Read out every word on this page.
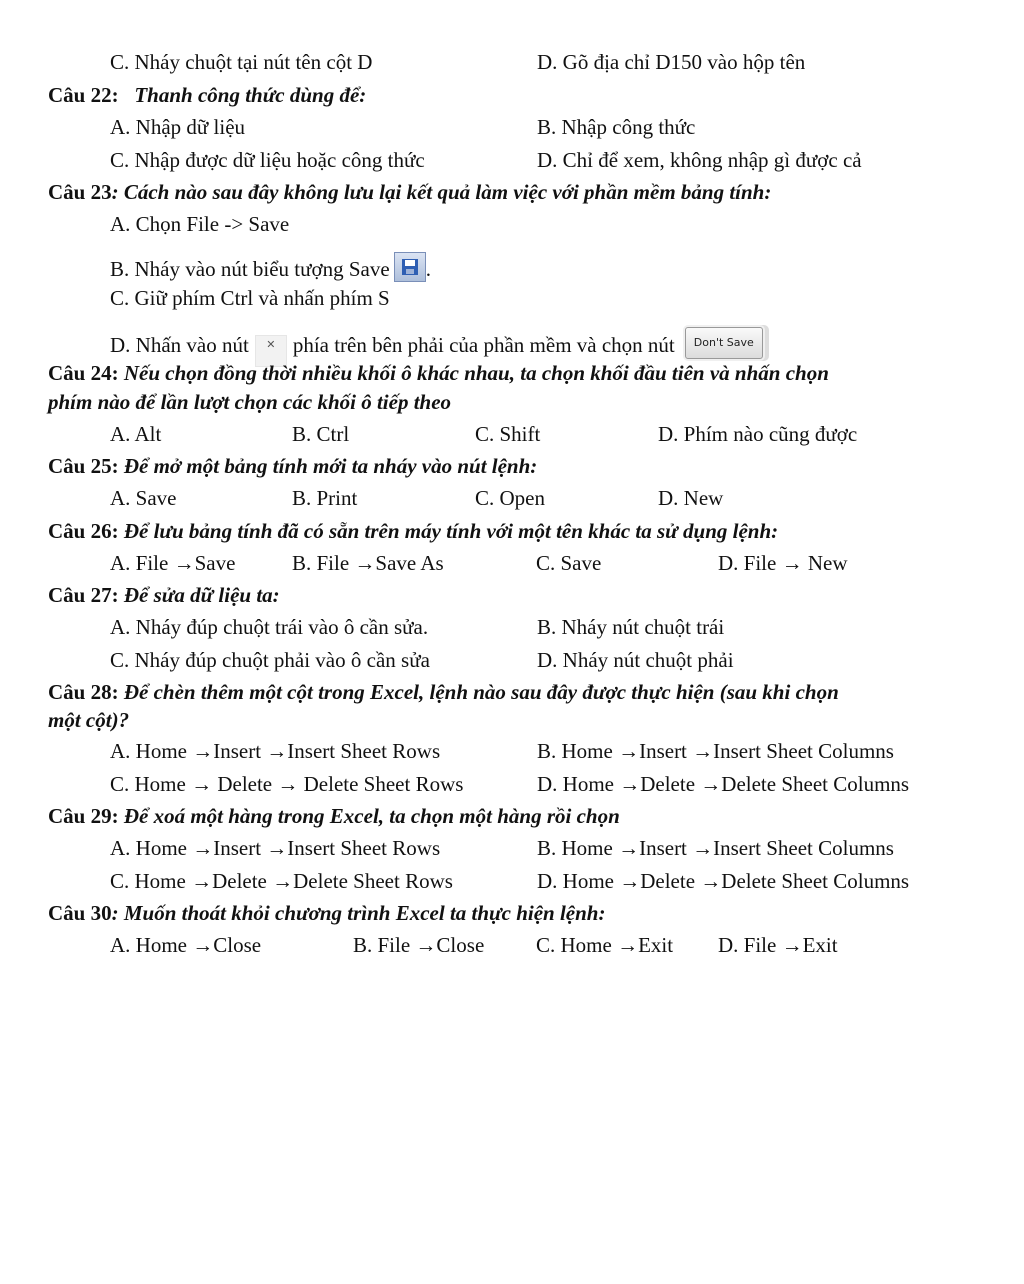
C. Nháy chuột tại nút tên cột D	D. Gõ địa chỉ D150 vào hộp tên
Câu 22: Thanh công thức dùng để:
A. Nhập dữ liệu	B. Nhập công thức
C. Nhập được dữ liệu hoặc công thức	D. Chỉ để xem, không nhập gì được cả
Câu 23: Cách nào sau đây không lưu lại kết quả làm việc với phần mềm bảng tính:
A. Chọn File -> Save
B. Nháy vào nút biểu tượng Save .
C. Giữ phím Ctrl và nhấn phím S
D. Nhấn vào nút ✕ phía trên bên phải của phần mềm và chọn nút Don't Save
Câu 24: Nếu chọn đồng thời nhiều khối ô khác nhau, ta chọn khối đầu tiên và nhấn chọn
phím nào để lần lượt chọn các khối ô tiếp theo
A. Alt	B. Ctrl	C. Shift	D. Phím nào cũng được
Câu 25: Để mở một bảng tính mới ta nháy vào nút lệnh:
A. Save	B. Print	C. Open	D. New
Câu 26: Để lưu bảng tính đã có sẵn trên máy tính với một tên khác ta sử dụng lệnh:
A. File →Save	B. File →Save As	C. Save	D. File → New
Câu 27: Để sửa dữ liệu ta:
A. Nháy đúp chuột trái vào ô cần sửa.	B. Nháy nút chuột trái
C. Nháy đúp chuột phải vào ô cần sửa	D. Nháy nút chuột phải
Câu 28: Để chèn thêm một cột trong Excel, lệnh nào sau đây được thực hiện (sau khi chọn
một cột)?
A. Home →Insert →Insert Sheet Rows	B. Home →Insert →Insert Sheet Columns
C. Home → Delete → Delete Sheet Rows	D. Home →Delete →Delete Sheet Columns
Câu 29: Để xoá một hàng trong Excel, ta chọn một hàng rồi chọn
A. Home →Insert →Insert Sheet Rows	B. Home →Insert →Insert Sheet Columns
C. Home →Delete →Delete Sheet Rows	D. Home →Delete →Delete Sheet Columns
Câu 30: Muốn thoát khỏi chương trình Excel ta thực hiện lệnh:
A. Home →Close	B. File →Close C. Home →Exit D. File →Exit
